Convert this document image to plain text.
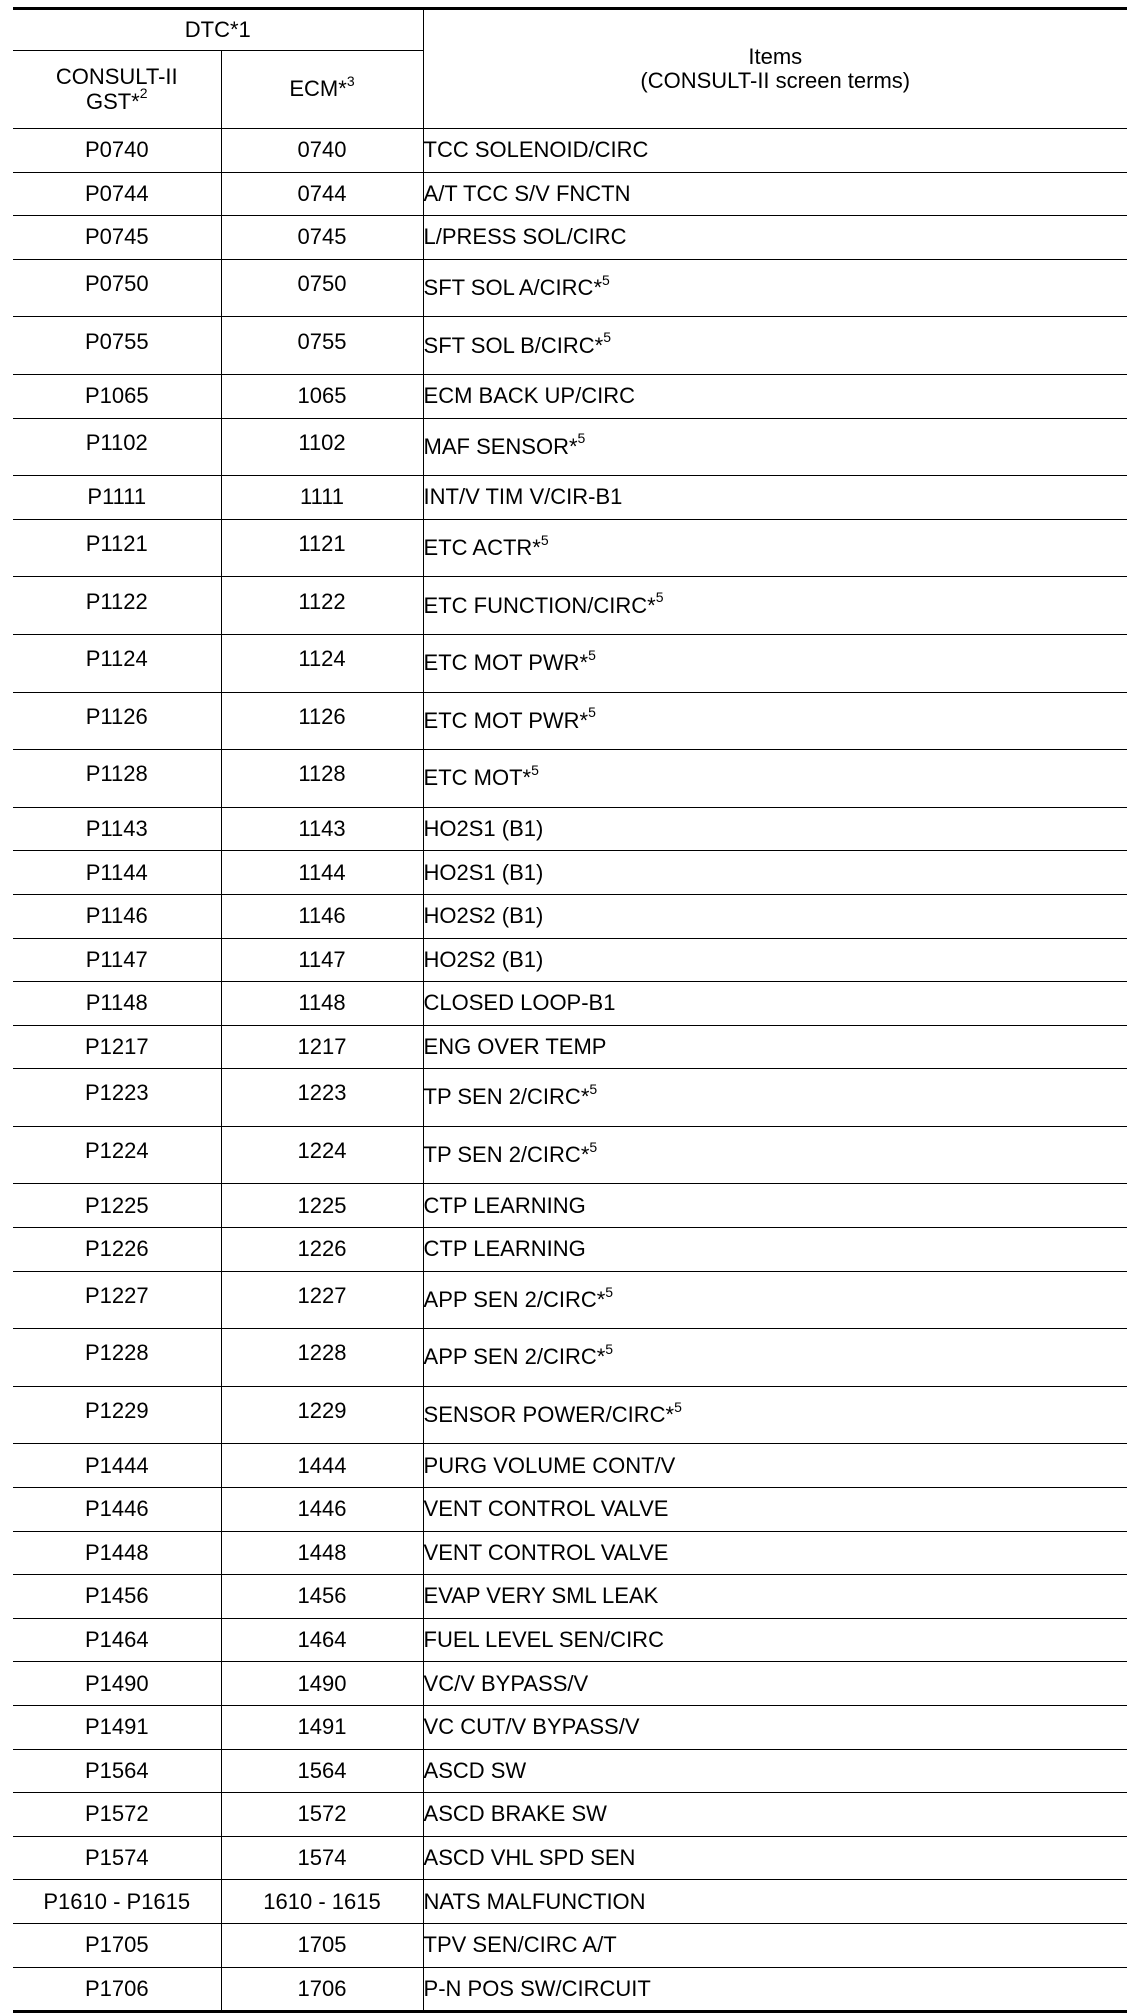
DTC*1		Items
(CONSULT-II screen terms)
CONSULT-II
GST*$^2$	ECM*$^3$
P0740	0740	TCC SOLENOID/CIRC
P0744	0744	A/T TCC S/V FNCTN
P0745	0745	L/PRESS SOL/CIRC
P0750	0750	SFT SOL A/CIRC*$^5$
P0755	0755	SFT SOL B/CIRC*$^5$
P1065	1065	ECM BACK UP/CIRC
P1102	1102	MAF SENSOR*$^5$
P1111	1111	INT/V TIM V/CIR-B1
P1121	1121	ETC ACTR*$^5$
P1122	1122	ETC FUNCTION/CIRC*$^5$
P1124	1124	ETC MOT PWR*$^5$
P1126	1126	ETC MOT PWR*$^5$
P1128	1128	ETC MOT*$^5$
P1143	1143	HO2S1 (B1)
P1144	1144	HO2S1 (B1)
P1146	1146	HO2S2 (B1)
P1147	1147	HO2S2 (B1)
P1148	1148	CLOSED LOOP-B1
P1217	1217	ENG OVER TEMP
P1223	1223	TP SEN 2/CIRC*$^5$
P1224	1224	TP SEN 2/CIRC*$^5$
P1225	1225	CTP LEARNING
P1226	1226	CTP LEARNING
P1227	1227	APP SEN 2/CIRC*$^5$
P1228	1228	APP SEN 2/CIRC*$^5$
P1229	1229	SENSOR POWER/CIRC*$^5$
P1444	1444	PURG VOLUME CONT/V
P1446	1446	VENT CONTROL VALVE
P1448	1448	VENT CONTROL VALVE
P1456	1456	EVAP VERY SML LEAK
P1464	1464	FUEL LEVEL SEN/CIRC
P1490	1490	VC/V BYPASS/V
P1491	1491	VC CUT/V BYPASS/V
P1564	1564	ASCD SW
P1572	1572	ASCD BRAKE SW
P1574	1574	ASCD VHL SPD SEN
P1610 - P1615	1610 - 1615	NATS MALFUNCTION
P1705	1705	TPV SEN/CIRC A/T
P1706	1706	P-N POS SW/CIRCUIT
